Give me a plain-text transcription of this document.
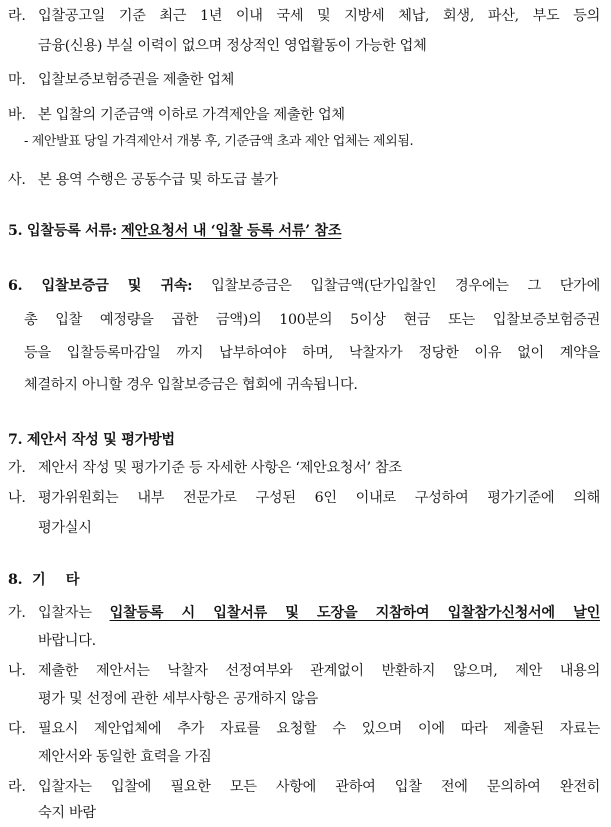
라. 입찰공고일 기준 최근 1년 이내 국세 및 지방세 체납, 회생, 파산, 부도 등의
금융(신용) 부실 이력이 없으며 정상적인 영업활동이 가능한 업체
마. 입찰보증보험증권을 제출한 업체
바. 본 입찰의 기준금액 이하로 가격제안을 제출한 업체
- 제안발표 당일 가격제안서 개봉 후, 기준금액 초과 제안 업체는 제외됨.
사. 본 용역 수행은 공동수급 및 하도급 불가
5. 입찰등록 서류: 제안요청서 내 ‘입찰 등록 서류’ 참조
6. 입찰보증금 및 귀속: 입찰보증금은 입찰금액(단가입찰인 경우에는 그 단가에
총 입찰 예정량을 곱한 금액)의 100분의 5이상 현금 또는 입찰보증보험증권
등을 입찰등록마감일 까지 납부하여야 하며, 낙찰자가 정당한 이유 없이 계약을
체결하지 아니할 경우 입찰보증금은 협회에 귀속됩니다.
7. 제안서 작성 및 평가방법
가. 제안서 작성 및 평가기준 등 자세한 사항은 ‘제안요청서’ 참조
나. 평가위원회는 내부 전문가로 구성된 6인 이내로 구성하여 평가기준에 의해
평가실시
8. 기타
가. 입찰자는 입찰등록 시 입찰서류 및 도장을 지참하여 입찰참가신청서에 날인
바랍니다.
나. 제출한 제안서는 낙찰자 선정여부와 관계없이 반환하지 않으며, 제안 내용의
평가 및 선정에 관한 세부사항은 공개하지 않음
다. 필요시 제안업체에 추가 자료를 요청할 수 있으며 이에 따라 제출된 자료는
제안서와 동일한 효력을 가짐
라. 입찰자는 입찰에 필요한 모든 사항에 관하여 입찰 전에 문의하여 완전히
숙지 바람
